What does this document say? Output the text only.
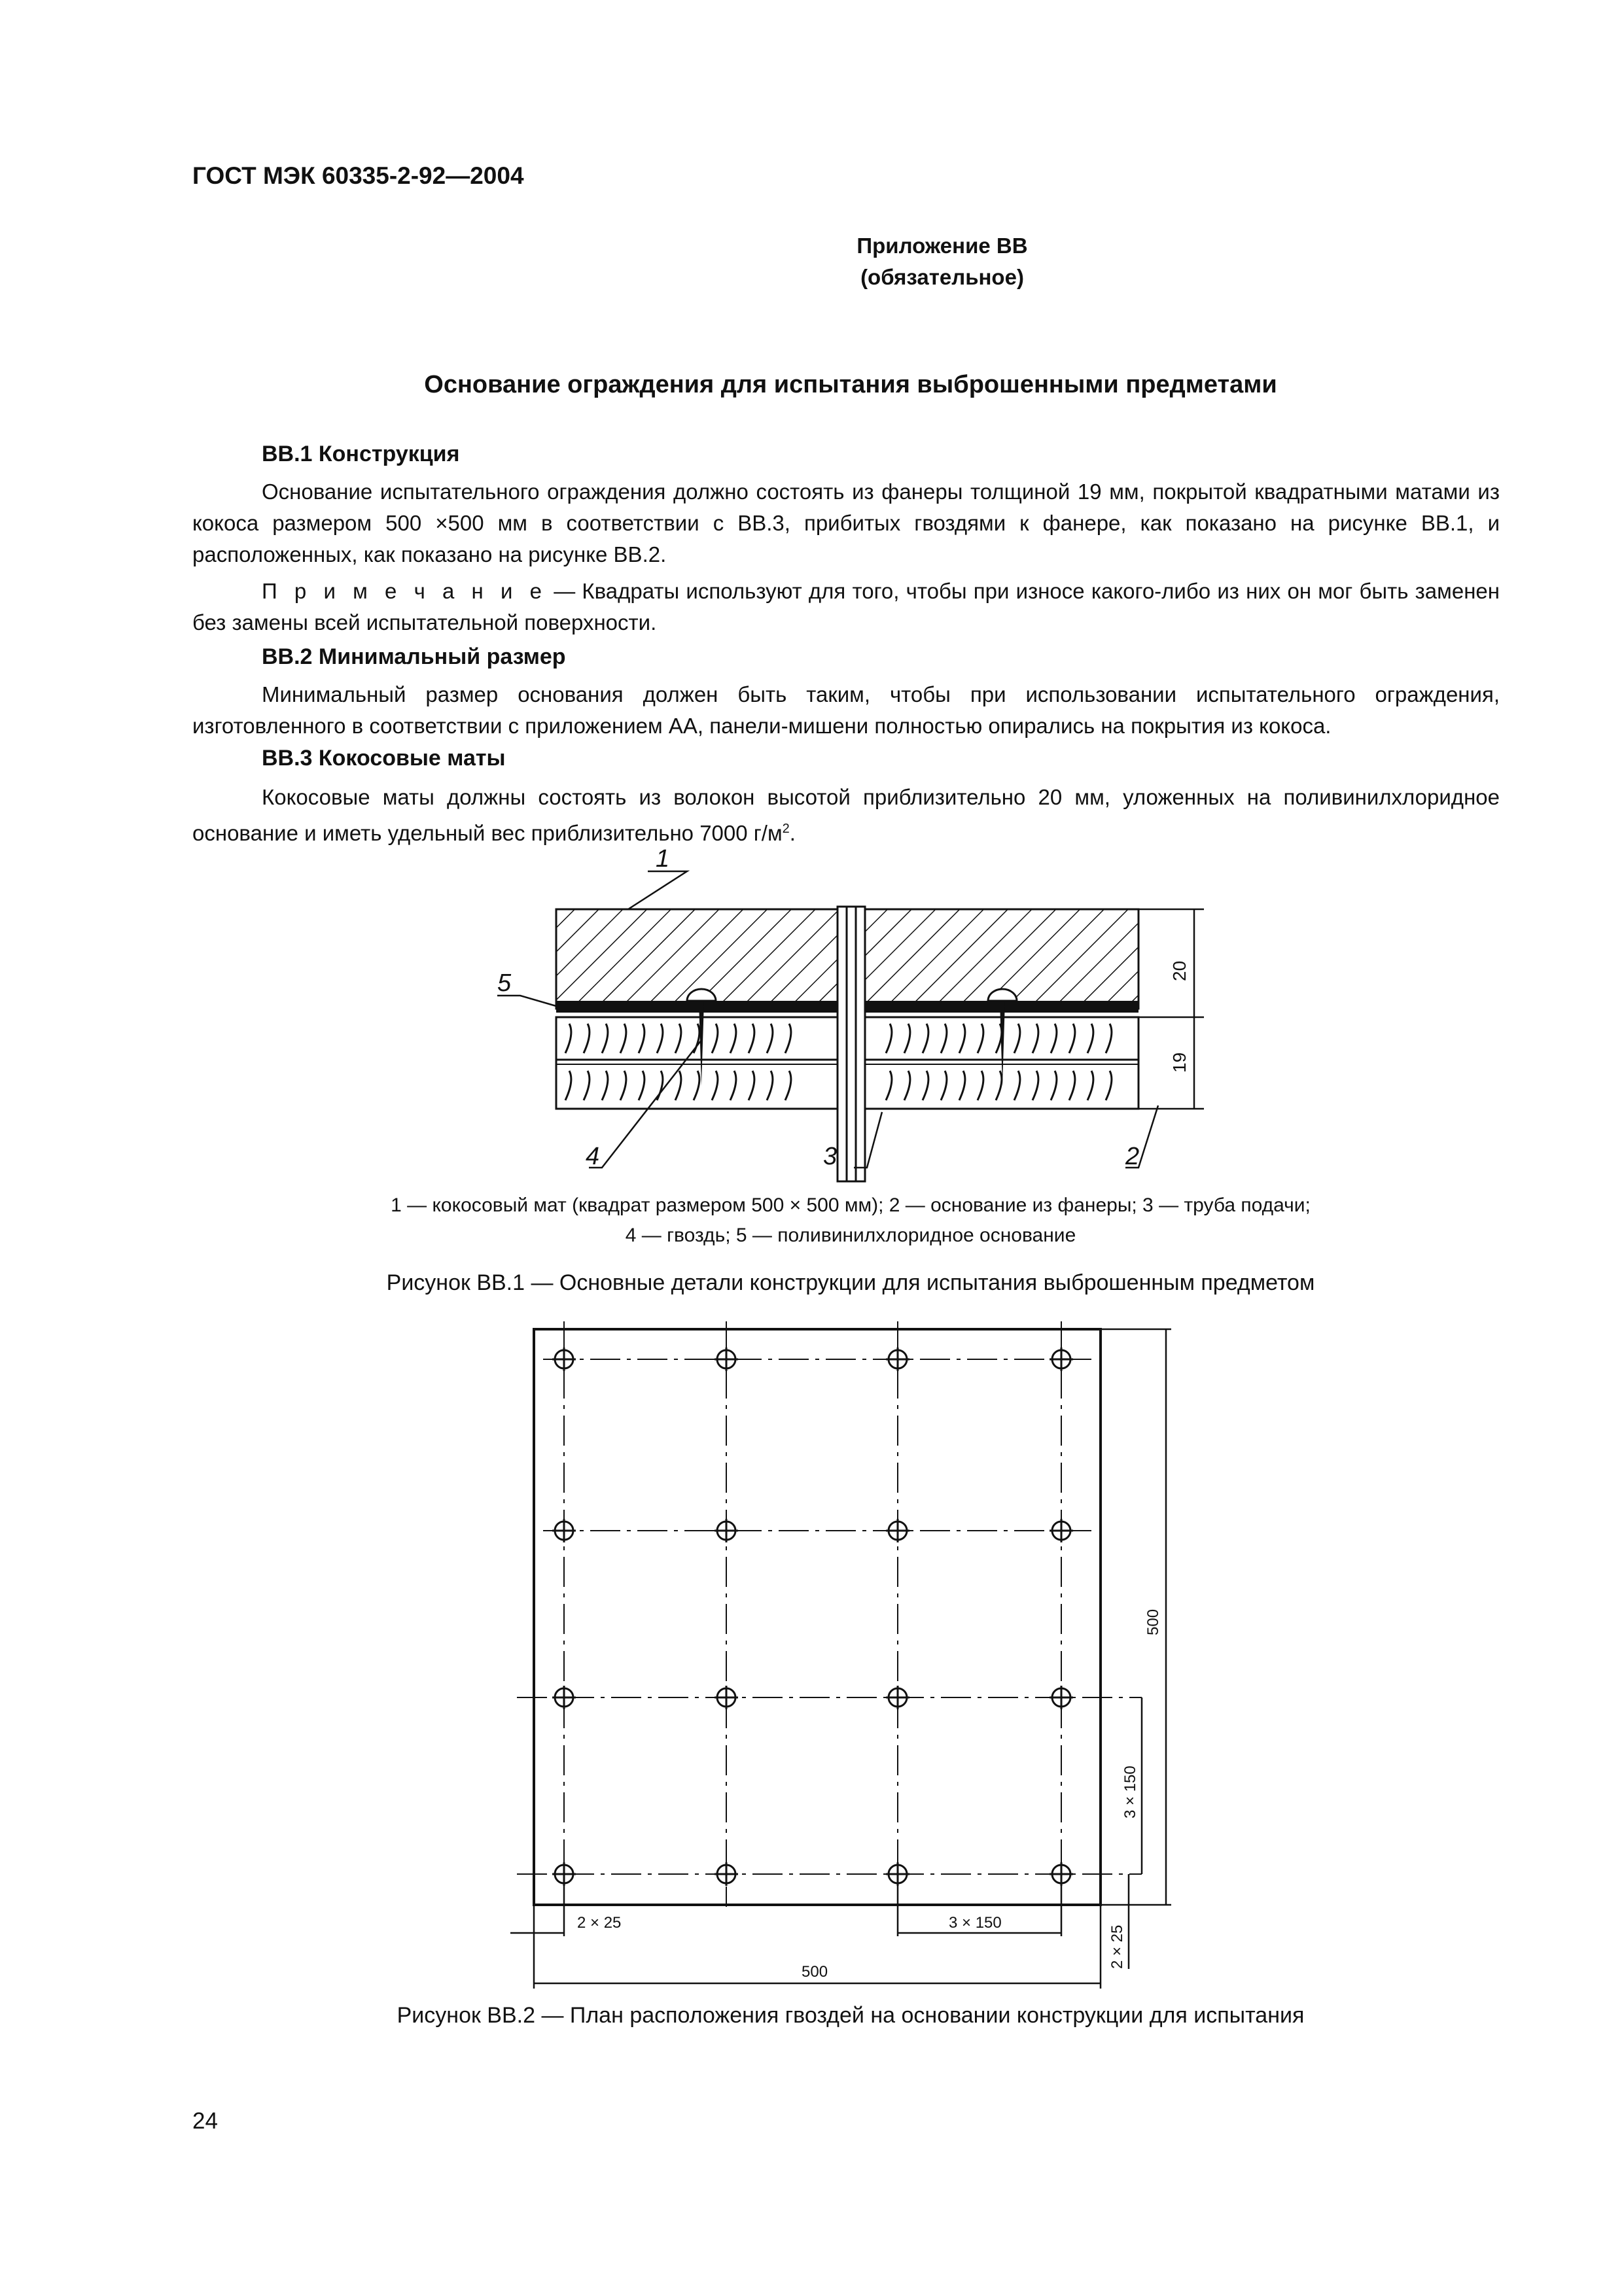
ГОСТ МЭК 60335-2-92—2004
Приложение ВВ
(обязательное)
Основание ограждения для испытания выброшенными предметами
ВВ.1 Конструкция
Основание испытательного ограждения должно состоять из фанеры толщиной 19 мм, покрытой квадратными матами из кокоса размером 500 ×500 мм в соответствии с ВВ.3, прибитых гвоздями к фанере, как показано на рисунке ВВ.1, и расположенных, как показано на рисунке ВВ.2.
П р и м е ч а н и е — Квадраты используют для того, чтобы при износе какого-либо из них он мог быть заменен без замены всей испытательной поверхности.
ВВ.2 Минимальный размер
Минимальный размер основания должен быть таким, чтобы при использовании испытательного ограждения, изготовленного в соответствии с приложением АА, панели-мишени полностью опирались на покрытия из кокоса.
ВВ.3 Кокосовые маты
Кокосовые маты должны состоять из волокон высотой приблизительно 20 мм, уложенных на поливинилхлоридное основание и иметь удельный вес приблизительно 7000 $г/м^2$.
1
5
4	3	2
20
19
1 — кокосовый мат (квадрат размером 500 × 500 мм); 2 — основание из фанеры; 3 — труба подачи;
4 — гвоздь; 5 — поливинилхлоридное основание
Рисунок ВВ.1 — Основные детали конструкции для испытания выброшенным предметом
2 × 25	3 × 150
500
500
3 × 150
2 × 25
Рисунок ВВ.2 — План расположения гвоздей на основании конструкции для испытания
24
